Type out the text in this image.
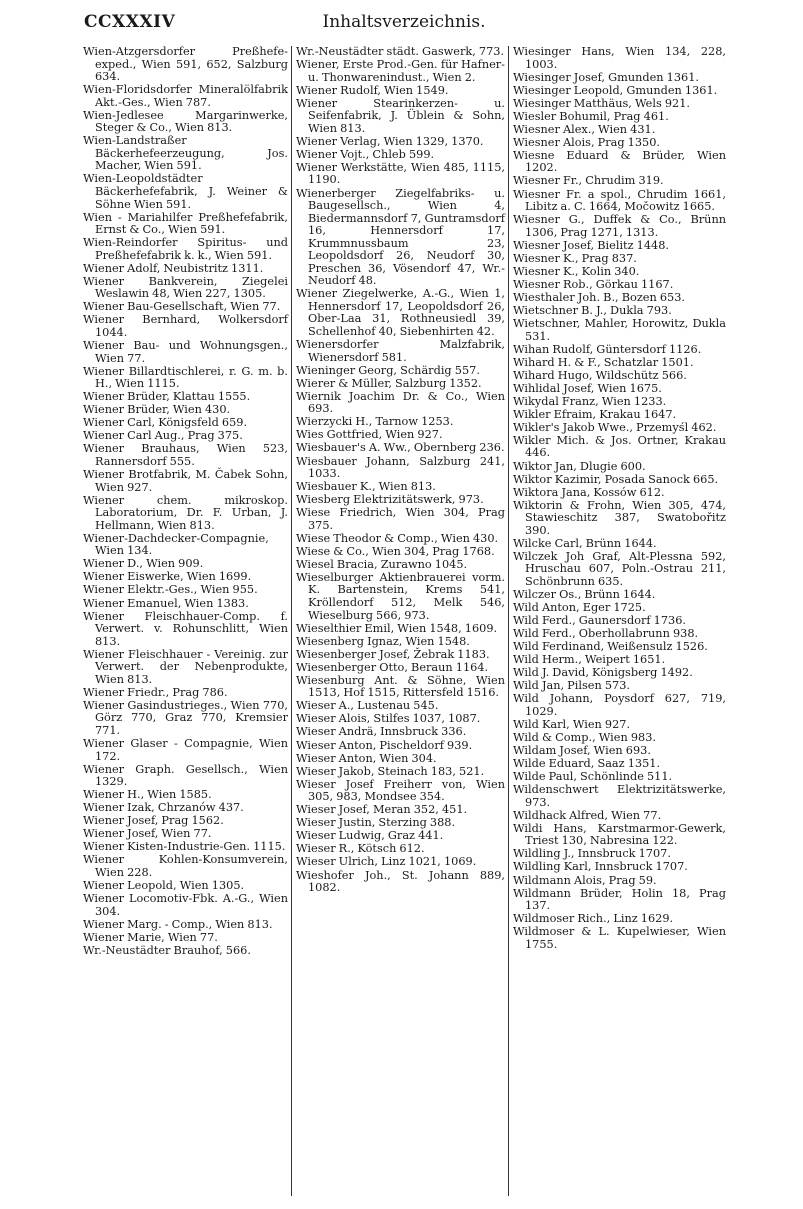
CCXXXIV	Inhaltsverzeichnis.
Wien-Atzgersdorfer Preßhefe-exped., Wien 591, 652, Salzburg 634.
Wien-Floridsdorfer Mineralölfabrik Akt.-Ges., Wien 787.
Wien-Jedlesee Margarinwerke, Steger & Co., Wien 813.
Wien-Landstraßer Bäckerhefeerzeugung, Jos. Macher, Wien 591.
Wien-Leopoldstädter Bäckerhefefabrik, J. Weiner & Söhne Wien 591.
Wien - Mariahilfer Preßhefefabrik, Ernst & Co., Wien 591.
Wien-Reindorfer Spiritus- und Preßhefefabrik k. k., Wien 591.
Wiener Adolf, Neubistritz 1311.
Wiener Bankverein, Ziegelei Weslawin 48, Wien 227, 1305.
Wiener Bau-Gesellschaft, Wien 77.
Wiener Bernhard, Wolkersdorf 1044.
Wiener Bau- und Wohnungsgen., Wien 77.
Wiener Billardtischlerei, r. G. m. b. H., Wien 1115.
Wiener Brüder, Klattau 1555.
Wiener Brüder, Wien 430.
Wiener Carl, Königsfeld 659.
Wiener Carl Aug., Prag 375.
Wiener Brauhaus, Wien 523, Rannersdorf 555.
Wiener Brotfabrik, M. Čabek Sohn, Wien 927.
Wiener chem. mikroskop. Laboratorium, Dr. F. Urban, J. Hellmann, Wien 813.
Wiener-Dachdecker-Compagnie, Wien 134.
Wiener D., Wien 909.
Wiener Eiswerke, Wien 1699.
Wiener Elektr.-Ges., Wien 955.
Wiener Emanuel, Wien 1383.
Wiener Fleischhauer-Comp. f. Verwert. v. Rohunschlitt, Wien 813.
Wiener Fleischhauer - Vereinig. zur Verwert. der Nebenprodukte, Wien 813.
Wiener Friedr., Prag 786.
Wiener Gasindustrieges., Wien 770, Görz 770, Graz 770, Kremsier 771.
Wiener Glaser - Compagnie, Wien 172.
Wiener Graph. Gesellsch., Wien 1329.
Wiener H., Wien 1585.
Wiener Izak, Chrzanów 437.
Wiener Josef, Prag 1562.
Wiener Josef, Wien 77.
Wiener Kisten-Industrie-Gen. 1115.
Wiener Kohlen-Konsumverein, Wien 228.
Wiener Leopold, Wien 1305.
Wiener Locomotiv-Fbk. A.-G., Wien 304.
Wiener Marg. - Comp., Wien 813.
Wiener Marie, Wien 77.
Wr.-Neustädter Brauhof, 566.
Wr.-Neustädter städt. Gaswerk, 773.
Wiener, Erste Prod.-Gen. für Hafner- u. Thonwarenindust., Wien 2.
Wiener Rudolf, Wien 1549.
Wiener Stearinkerzen- u. Seifenfabrik, J. Üblein & Sohn, Wien 813.
Wiener Verlag, Wien 1329, 1370.
Wiener Vojt., Chleb 599.
Wiener Werkstätte, Wien 485, 1115, 1190.
Wienerberger Ziegelfabriks- u. Baugesellsch., Wien 4, Biedermannsdorf 7, Guntramsdorf 16, Hennersdorf 17, Krummnussbaum 23, Leopoldsdorf 26, Neudorf 30, Preschen 36, Vösendorf 47, Wr.-Neudorf 48.
Wiener Ziegelwerke, A.-G., Wien 1, Hennersdorf 17, Leopoldsdorf 26, Ober-Laa 31, Rothneusiedl 39, Schellenhof 40, Siebenhirten 42.
Wienersdorfer Malzfabrik, Wienersdorf 581.
Wieninger Georg, Schärdig 557.
Wierer & Müller, Salzburg 1352.
Wiernik Joachim Dr. & Co., Wien 693.
Wierzycki H., Tarnow 1253.
Wies Gottfried, Wien 927.
Wiesbauer's A. Ww., Obernberg 236.
Wiesbauer Johann, Salzburg 241, 1033.
Wiesbauer K., Wien 813.
Wiesberg Elektrizitätswerk, 973.
Wiese Friedrich, Wien 304, Prag 375.
Wiese Theodor & Comp., Wien 430.
Wiese & Co., Wien 304, Prag 1768.
Wiesel Bracia, Zurawno 1045.
Wieselburger Aktienbrauerei vorm. K. Bartenstein, Krems 541, Kröllendorf 512, Melk 546, Wieselburg 566, 973.
Wieselthier Emil, Wien 1548, 1609.
Wiesenberg Ignaz, Wien 1548.
Wiesenberger Josef, Žebrak 1183.
Wiesenberger Otto, Beraun 1164.
Wiesenburg Ant. & Söhne, Wien 1513, Hof 1515, Rittersfeld 1516.
Wieser A., Lustenau 545.
Wieser Alois, Stilfes 1037, 1087.
Wieser Andrä, Innsbruck 336.
Wieser Anton, Pischeldorf 939.
Wieser Anton, Wien 304.
Wieser Jakob, Steinach 183, 521.
Wieser Josef Freiherr von, Wien 305, 983, Mondsee 354.
Wieser Josef, Meran 352, 451.
Wieser Justin, Sterzing 388.
Wieser Ludwig, Graz 441.
Wieser R., Kötsch 612.
Wieser Ulrich, Linz 1021, 1069.
Wieshofer Joh., St. Johann 889, 1082.
Wiesinger Hans, Wien 134, 228, 1003.
Wiesinger Josef, Gmunden 1361.
Wiesinger Leopold, Gmunden 1361.
Wiesinger Matthäus, Wels 921.
Wiesler Bohumil, Prag 461.
Wiesner Alex., Wien 431.
Wiesner Alois, Prag 1350.
Wiesne Eduard & Brüder, Wien 1202.
Wiesner Fr., Chrudim 319.
Wiesner Fr. a spol., Chrudim 1661, Libitz a. C. 1664, Močowitz 1665.
Wiesner G., Duffek & Co., Brünn 1306, Prag 1271, 1313.
Wiesner Josef, Bielitz 1448.
Wiesner K., Prag 837.
Wiesner K., Kolin 340.
Wiesner Rob., Görkau 1167.
Wiesthaler Joh. B., Bozen 653.
Wietschner B. J., Dukla 793.
Wietschner, Mahler, Horowitz, Dukla 531.
Wihan Rudolf, Güntersdorf 1126.
Wihard H. & F., Schatzlar 1501.
Wihard Hugo, Wildschütz 566.
Wihlidal Josef, Wien 1675.
Wikydal Franz, Wien 1233.
Wikler Efraim, Krakau 1647.
Wikler's Jakob Wwe., Przemyśl 462.
Wikler Mich. & Jos. Ortner, Krakau 446.
Wiktor Jan, Dlugie 600.
Wiktor Kazimir, Posada Sanock 665.
Wiktora Jana, Kossów 612.
Wiktorin & Frohn, Wien 305, 474, Stawieschitz 387, Swatobořitz 390.
Wilcke Carl, Brünn 1644.
Wilczek Joh Graf, Alt-Plessna 592, Hruschau 607, Poln.-Ostrau 211, Schönbrunn 635.
Wilczer Os., Brünn 1644.
Wild Anton, Eger 1725.
Wild Ferd., Gaunersdorf 1736.
Wild Ferd., Oberhollabrunn 938.
Wild Ferdinand, Weißensulz 1526.
Wild Herm., Weipert 1651.
Wild J. David, Königsberg 1492.
Wild Jan, Pilsen 573.
Wild Johann, Poysdorf 627, 719, 1029.
Wild Karl, Wien 927.
Wild & Comp., Wien 983.
Wildam Josef, Wien 693.
Wilde Eduard, Saaz 1351.
Wilde Paul, Schönlinde 511.
Wildenschwert Elektrizitätswerke, 973.
Wildhack Alfred, Wien 77.
Wildi Hans, Karstmarmor-Gewerk, Triest 130, Nabresina 122.
Wildling J., Innsbruck 1707.
Wildling Karl, Innsbruck 1707.
Wildmann Alois, Prag 59.
Wildmann Brüder, Holin 18, Prag 137.
Wildmoser Rich., Linz 1629.
Wildmoser & L. Kupelwieser, Wien 1755.
